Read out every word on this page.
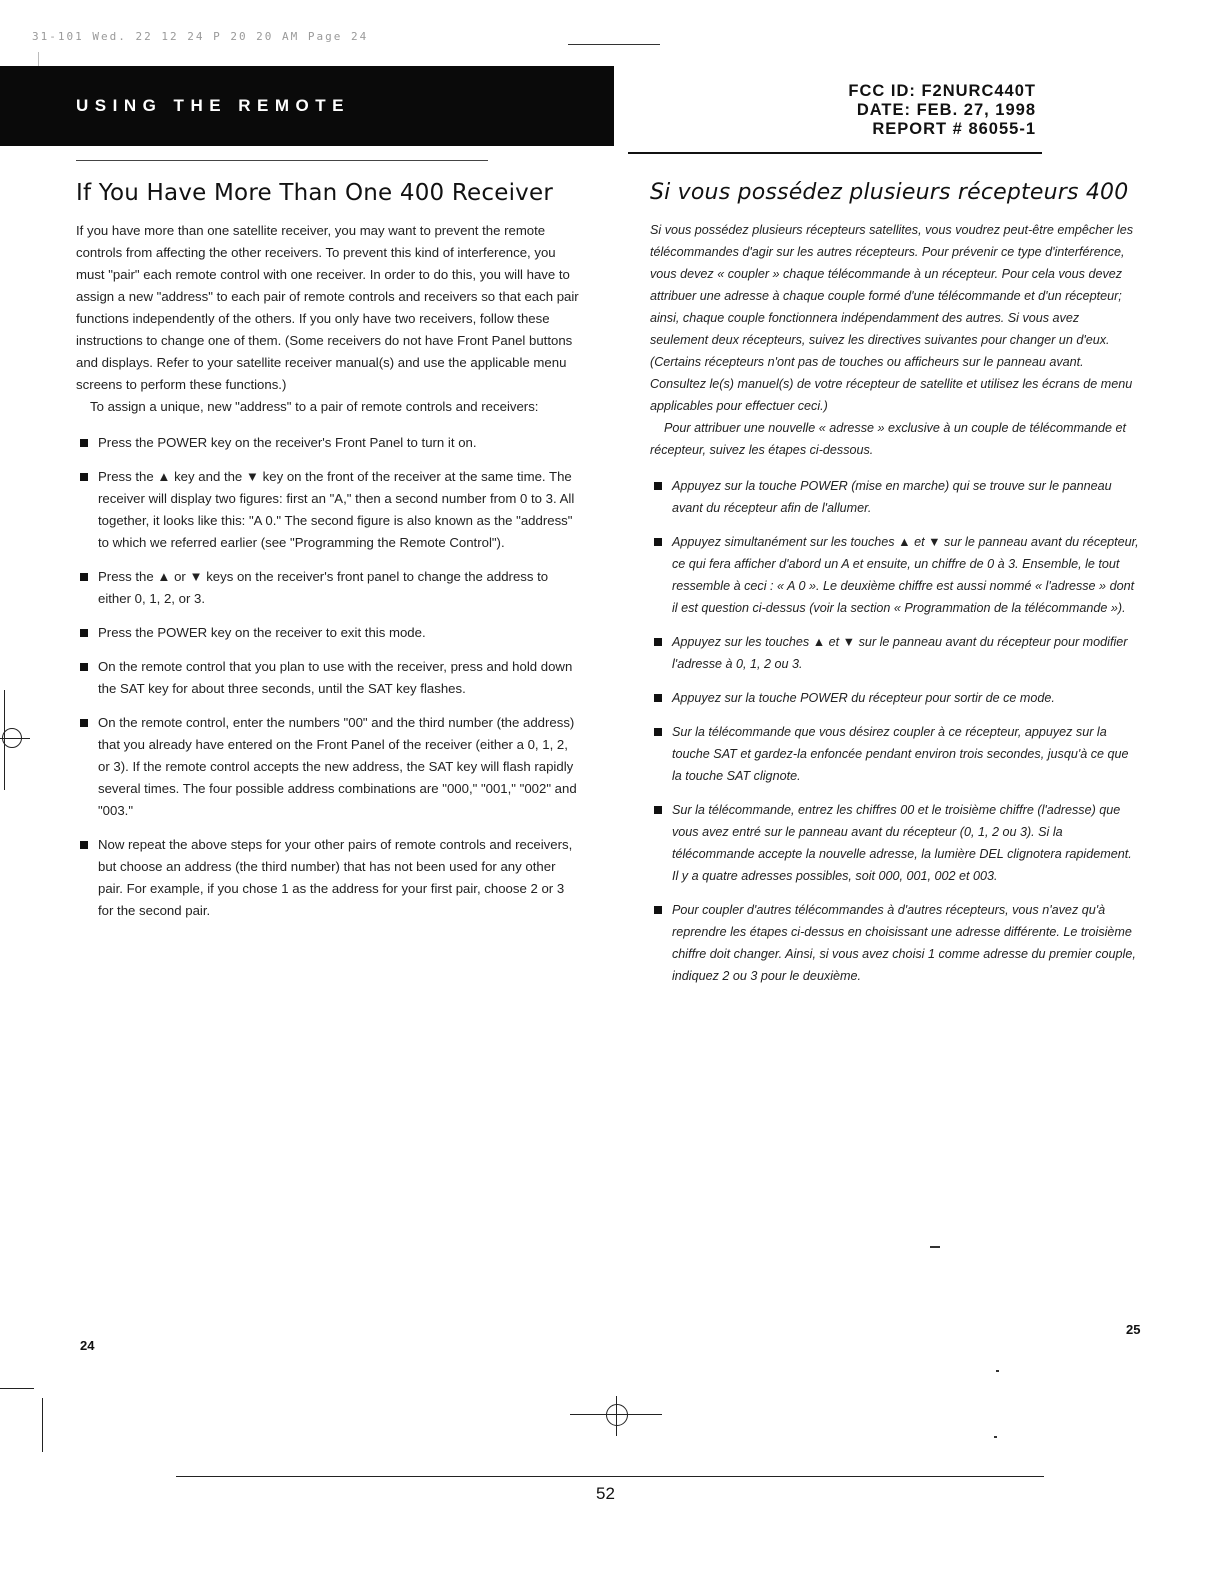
31-101 Wed. 22 12 24 P 20 20 AM Page 24
USING THE REMOTE
FCC ID: F2NURC440T
DATE: FEB. 27, 1998
REPORT # 86055-1
If You Have More Than One 400 Receiver

If you have more than one satellite receiver, you may want to prevent the remote controls from affecting the other receivers. To prevent this kind of interference, you must "pair" each remote control with one receiver. In order to do this, you will have to assign a new "address" to each pair of remote controls and receivers so that each pair functions independently of the others. If you only have two receivers, follow these instructions to change one of them. (Some receivers do not have Front Panel buttons and displays. Refer to your satellite receiver manual(s) and use the applicable menu screens to perform these functions.)

To assign a unique, new "address" to a pair of remote controls and receivers:

Press the POWER key on the receiver's Front Panel to turn it on.
Press the ▲ key and the ▼ key on the front of the receiver at the same time. The receiver will display two figures: first an "A," then a second number from 0 to 3. All together, it looks like this: "A 0." The second figure is also known as the "address" to which we referred earlier (see "Programming the Remote Control").
Press the ▲ or ▼ keys on the receiver's front panel to change the address to either 0, 1, 2, or 3.
Press the POWER key on the receiver to exit this mode.
On the remote control that you plan to use with the receiver, press and hold down the SAT key for about three seconds, until the SAT key flashes.
On the remote control, enter the numbers "00" and the third number (the address) that you already have entered on the Front Panel of the receiver (either a 0, 1, 2, or 3). If the remote control accepts the new address, the SAT key will flash rapidly several times. The four possible address combinations are "000," "001," "002" and "003."
Now repeat the above steps for your other pairs of remote controls and receivers, but choose an address (the third number) that has not been used for any other pair. For example, if you chose 1 as the address for your first pair, choose 2 or 3 for the second pair.
Si vous possédez plusieurs récepteurs 400

Si vous possédez plusieurs récepteurs satellites, vous voudrez peut-être empêcher les télécommandes d'agir sur les autres récepteurs. Pour prévenir ce type d'interférence, vous devez « coupler » chaque télécommande à un récepteur. Pour cela vous devez attribuer une adresse à chaque couple formé d'une télécommande et d'un récepteur; ainsi, chaque couple fonctionnera indépendamment des autres. Si vous avez seulement deux récepteurs, suivez les directives suivantes pour changer un d'eux. (Certains récepteurs n'ont pas de touches ou afficheurs sur le panneau avant. Consultez le(s) manuel(s) de votre récepteur de satellite et utilisez les écrans de menu applicables pour effectuer ceci.)

Pour attribuer une nouvelle « adresse » exclusive à un couple de télécommande et récepteur, suivez les étapes ci-dessous.

Appuyez sur la touche POWER (mise en marche) qui se trouve sur le panneau avant du récepteur afin de l'allumer.
Appuyez simultanément sur les touches ▲ et ▼ sur le panneau avant du récepteur, ce qui fera afficher d'abord un A et ensuite, un chiffre de 0 à 3. Ensemble, le tout ressemble à ceci : « A 0 ». Le deuxième chiffre est aussi nommé « l'adresse » dont il est question ci-dessus (voir la section « Programmation de la télécommande »).
Appuyez sur les touches ▲ et ▼ sur le panneau avant du récepteur pour modifier l'adresse à 0, 1, 2 ou 3.
Appuyez sur la touche POWER du récepteur pour sortir de ce mode.
Sur la télécommande que vous désirez coupler à ce récepteur, appuyez sur la touche SAT et gardez-la enfoncée pendant environ trois secondes, jusqu'à ce que la touche SAT clignote.
Sur la télécommande, entrez les chiffres 00 et le troisième chiffre (l'adresse) que vous avez entré sur le panneau avant du récepteur (0, 1, 2 ou 3). Si la télécommande accepte la nouvelle adresse, la lumière DEL clignotera rapidement. Il y a quatre adresses possibles, soit 000, 001, 002 et 003.
Pour coupler d'autres télécommandes à d'autres récepteurs, vous n'avez qu'à reprendre les étapes ci-dessus en choisissant une adresse différente. Le troisième chiffre doit changer. Ainsi, si vous avez choisi 1 comme adresse du premier couple, indiquez 2 ou 3 pour le deuxième.
24
25
52
